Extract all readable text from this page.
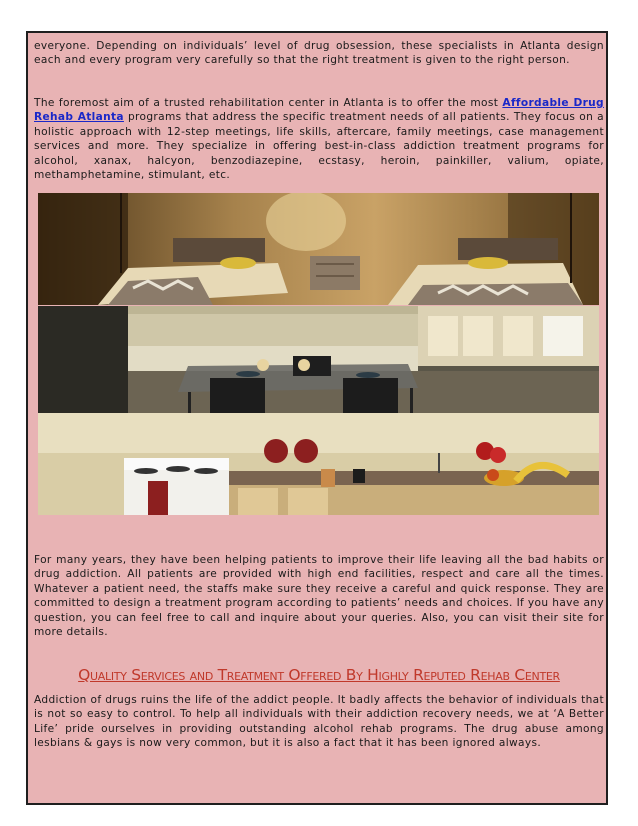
everyone. Depending on individuals’ level of drug obsession, these specialists in Atlanta design each and every program very carefully so that the right treatment is given to the right person.

The foremost aim of a trusted rehabilitation center in Atlanta is to offer the most Affordable Drug Rehab Atlanta programs that address the specific treatment needs of all patients. They focus on a holistic approach with 12-step meetings, life skills, aftercare, family meetings, case management services and more. They specialize in offering best-in-class addiction treatment programs for alcohol, xanax, halcyon, benzodiazepine, ecstasy, heroin, painkiller, valium, opiate, methamphetamine, stimulant, etc.

For many years, they have been helping patients to improve their life leaving all the bad habits or drug addiction. All patients are provided with high end facilities, respect and care all the times. Whatever a patient need, the staffs make sure they receive a careful and quick response. They are committed to design a treatment program according to patients’ needs and choices. If you have any question, you can feel free to call and inquire about your queries. Also, you can visit their site for more details.

Quality Services and Treatment Offered By Highly Reputed Rehab Center

Addiction of drugs ruins the life of the addict people. It badly affects the behavior of individuals that is not so easy to control. To help all individuals with their addiction recovery needs, we at ‘A Better Life’ pride ourselves in providing outstanding alcohol rehab programs. The drug abuse among lesbians & gays is now very common, but it is also a fact that it has been ignored always.
